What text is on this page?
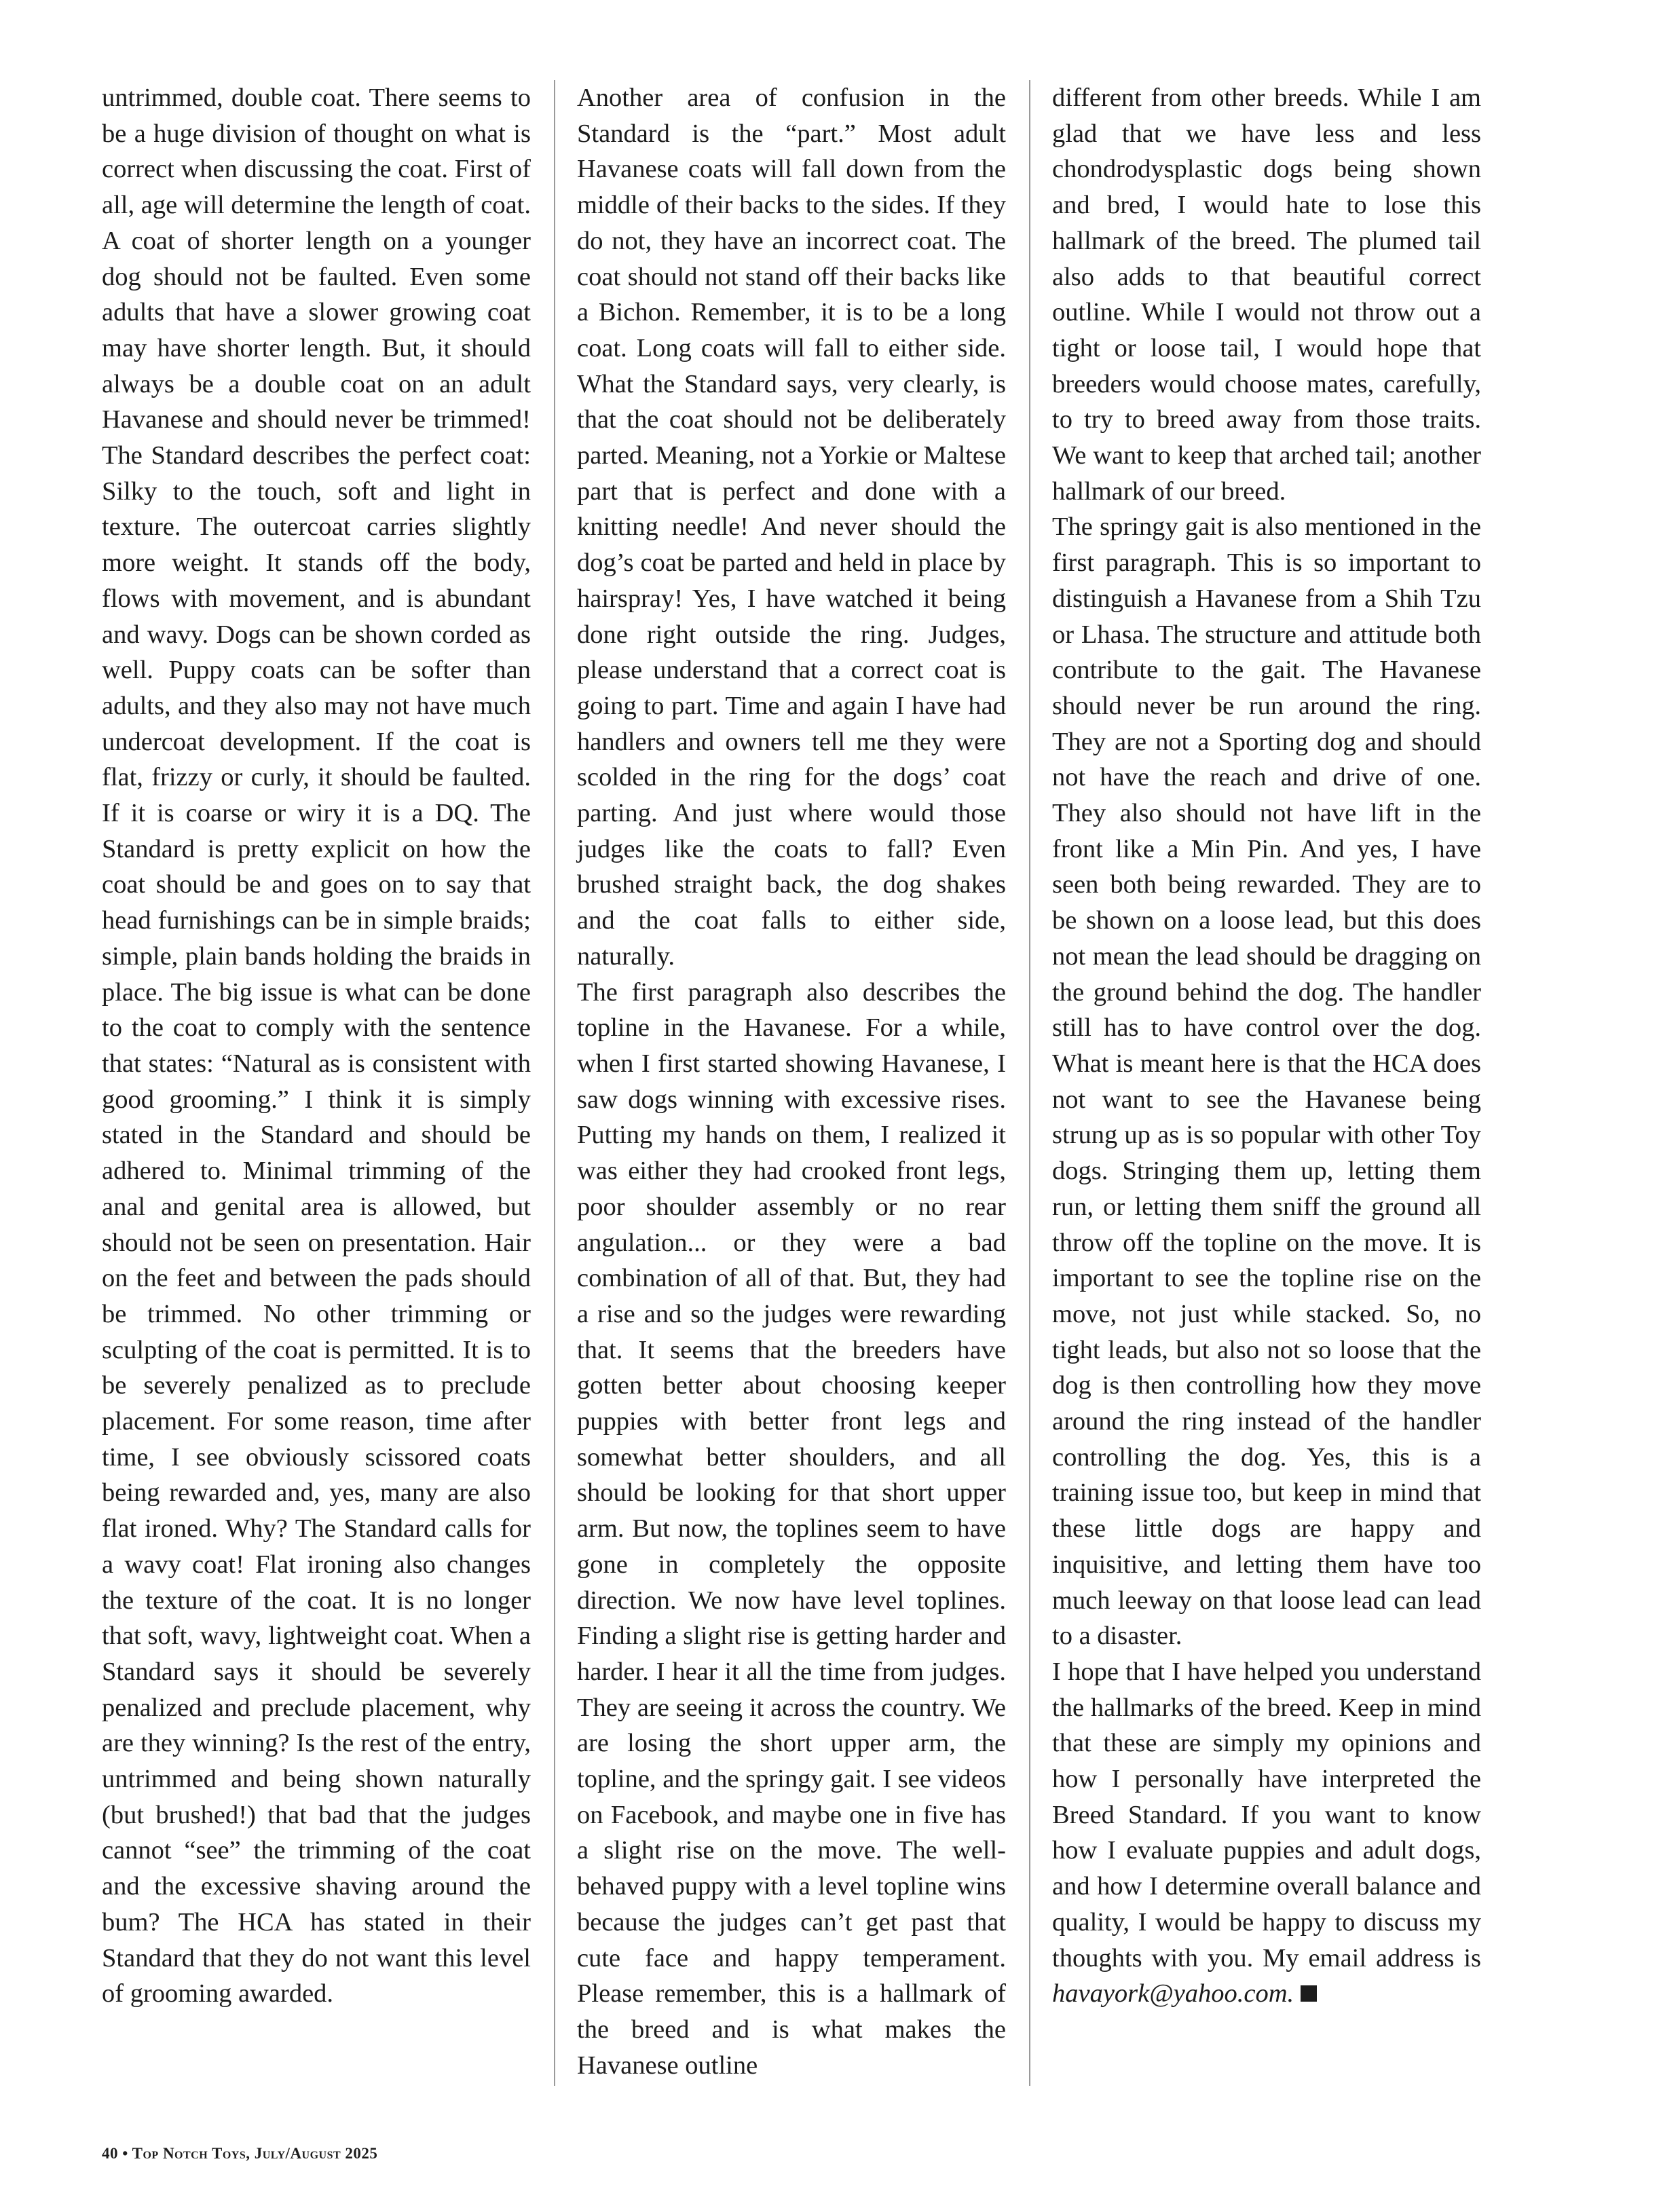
untrimmed, double coat. There seems to be a huge division of thought on what is correct when discussing the coat. First of all, age will determine the length of coat. A coat of shorter length on a younger dog should not be faulted. Even some adults that have a slower growing coat may have shorter length. But, it should always be a double coat on an adult Havanese and should never be trimmed! The Standard describes the perfect coat: Silky to the touch, soft and light in texture. The outercoat carries slightly more weight. It stands off the body, flows with movement, and is abundant and wavy. Dogs can be shown corded as well. Puppy coats can be softer than adults, and they also may not have much undercoat development. If the coat is flat, frizzy or curly, it should be faulted. If it is coarse or wiry it is a DQ. The Standard is pretty explicit on how the coat should be and goes on to say that head furnishings can be in simple braids; simple, plain bands holding the braids in place. The big issue is what can be done to the coat to comply with the sentence that states: “Natural as is consistent with good grooming.” I think it is simply stated in the Standard and should be adhered to. Minimal trimming of the anal and genital area is allowed, but should not be seen on presentation. Hair on the feet and between the pads should be trimmed. No other trimming or sculpting of the coat is permitted. It is to be severely penalized as to preclude placement. For some reason, time after time, I see obviously scissored coats being rewarded and, yes, many are also flat ironed. Why? The Standard calls for a wavy coat! Flat ironing also changes the texture of the coat. It is no longer that soft, wavy, lightweight coat. When a Standard says it should be severely penalized and preclude placement, why are they winning? Is the rest of the entry, untrimmed and being shown naturally (but brushed!) that bad that the judges cannot “see” the trimming of the coat and the excessive shaving around the bum? The HCA has stated in their Standard that they do not want this level of grooming awarded.

Another area of confusion in the Standard is the “part.” Most adult Havanese coats will fall down from the middle of their backs to the sides. If they do not, they have an incorrect coat. The coat should not stand off their backs like a Bichon. Remember, it is to be a long coat. Long coats will fall to either side. What the Standard says, very clearly, is that the coat should not be deliberately parted. Meaning, not a Yorkie or Maltese part that is perfect and done with a knitting needle! And never should the dog’s coat be parted and held in place by hairspray! Yes, I have watched it being done right outside the ring. Judges, please understand that a correct coat is going to part. Time and again I have had handlers and owners tell me they were scolded in the ring for the dogs’ coat parting. And just where would those judges like the coats to fall? Even brushed straight back, the dog shakes and the coat falls to either side, naturally.

The first paragraph also describes the topline in the Havanese. For a while, when I first started showing Havanese, I saw dogs winning with excessive rises. Putting my hands on them, I realized it was either they had crooked front legs, poor shoulder assembly or no rear angulation... or they were a bad combination of all of that. But, they had a rise and so the judges were rewarding that. It seems that the breeders have gotten better about choosing keeper puppies with better front legs and somewhat better shoulders, and all should be looking for that short upper arm. But now, the toplines seem to have gone in completely the opposite direction. We now have level toplines. Finding a slight rise is getting harder and harder. I hear it all the time from judges. They are seeing it across the country. We are losing the short upper arm, the topline, and the springy gait. I see videos on Facebook, and maybe one in five has a slight rise on the move. The well-behaved puppy with a level topline wins because the judges can’t get past that cute face and happy temperament. Please remember, this is a hallmark of the breed and is what makes the Havanese outline

different from other breeds. While I am glad that we have less and less chondrodysplastic dogs being shown and bred, I would hate to lose this hallmark of the breed. The plumed tail also adds to that beautiful correct outline. While I would not throw out a tight or loose tail, I would hope that breeders would choose mates, carefully, to try to breed away from those traits. We want to keep that arched tail; another hallmark of our breed.

The springy gait is also mentioned in the first paragraph. This is so important to distinguish a Havanese from a Shih Tzu or Lhasa. The structure and attitude both contribute to the gait. The Havanese should never be run around the ring. They are not a Sporting dog and should not have the reach and drive of one. They also should not have lift in the front like a Min Pin. And yes, I have seen both being rewarded. They are to be shown on a loose lead, but this does not mean the lead should be dragging on the ground behind the dog. The handler still has to have control over the dog. What is meant here is that the HCA does not want to see the Havanese being strung up as is so popular with other Toy dogs. Stringing them up, letting them run, or letting them sniff the ground all throw off the topline on the move. It is important to see the topline rise on the move, not just while stacked. So, no tight leads, but also not so loose that the dog is then controlling how they move around the ring instead of the handler controlling the dog. Yes, this is a training issue too, but keep in mind that these little dogs are happy and inquisitive, and letting them have too much leeway on that loose lead can lead to a disaster.

I hope that I have helped you understand the hallmarks of the breed. Keep in mind that these are simply my opinions and how I personally have interpreted the Breed Standard. If you want to know how I evaluate puppies and adult dogs, and how I determine overall balance and quality, I would be happy to discuss my thoughts with you. My email address is havayork@yahoo.com.

40 • Top Notch Toys, July/August 2025
